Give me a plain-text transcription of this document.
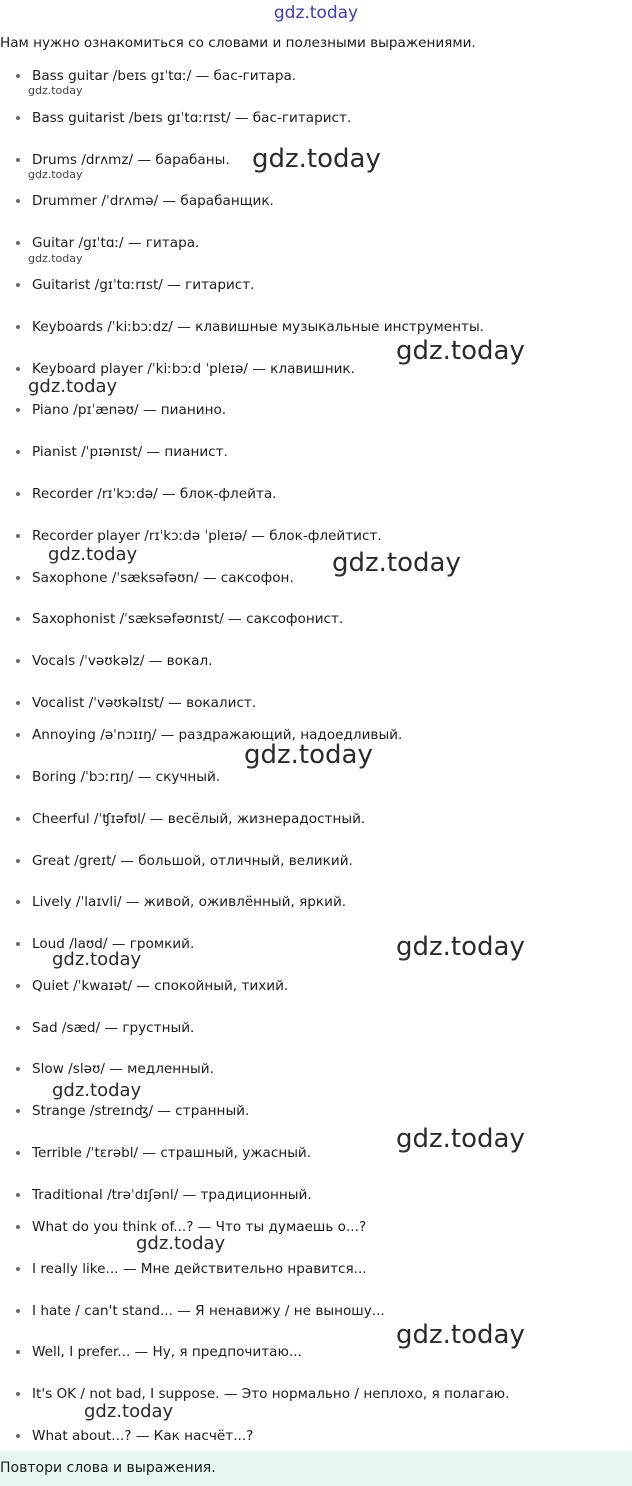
gdz.today
Нам нужно ознакомиться со словами и полезными выражениями.
Bass guitar /beɪs gɪˈtɑː/ — бас-гитара.
Bass guitarist /beɪs gɪˈtɑːrɪst/ — бас-гитарист.
Drums /drʌmz/ — барабаны.
Drummer /ˈdrʌmə/ — барабанщик.
Guitar /gɪˈtɑː/ — гитара.
Guitarist /gɪˈtɑːrɪst/ — гитарист.
Keyboards /ˈkiːbɔːdz/ — клавишные музыкальные инструменты.
Keyboard player /ˈkiːbɔːd ˈpleɪə/ — клавишник.
Piano /pɪˈænəʊ/ — пианино.
Pianist /ˈpɪənɪst/ — пианист.
Recorder /rɪˈkɔːdə/ — блок-флейта.
Recorder player /rɪˈkɔːdə ˈpleɪə/ — блок-флейтист.
Saxophone /ˈsæksəfəʊn/ — саксофон.
Saxophonist /ˈsæksəfəʊnɪst/ — саксофонист.
Vocals /ˈvəʊkəlz/ — вокал.
Vocalist /ˈvəʊkəlɪst/ — вокалист.
Annoying /əˈnɔɪɪŋ/ — раздражающий, надоедливый.
Boring /ˈbɔːrɪŋ/ — скучный.
Cheerful /ˈʧɪəfʊl/ — весёлый, жизнерадостный.
Great /greɪt/ — большой, отличный, великий.
Lively /ˈlaɪvli/ — живой, оживлённый, яркий.
Loud /laʊd/ — громкий.
Quiet /ˈkwaɪət/ — спокойный, тихий.
Sad /sæd/ — грустный.
Slow /sləʊ/ — медленный.
Strange /streɪnʤ/ — странный.
Terrible /ˈtɛrəbl/ — страшный, ужасный.
Traditional /trəˈdɪʃənl/ — традиционный.
What do you think of...? — Что ты думаешь о...?
I really like... — Мне действительно нравится...
I hate / can't stand... — Я ненавижу / не выношу...
Well, I prefer... — Ну, я предпочитаю...
It's OK / not bad, I suppose. — Это нормально / неплохо, я полагаю.
What about...? — Как насчёт...?
gdz.today
gdz.today
gdz.today
gdz.today
gdz.today
gdz.today
gdz.today	gdz.today
gdz.today
gdz.today
gdz.today
gdz.today
gdz.today
gdz.today
gdz.today
gdz.today
Повтори слова и выражения.
